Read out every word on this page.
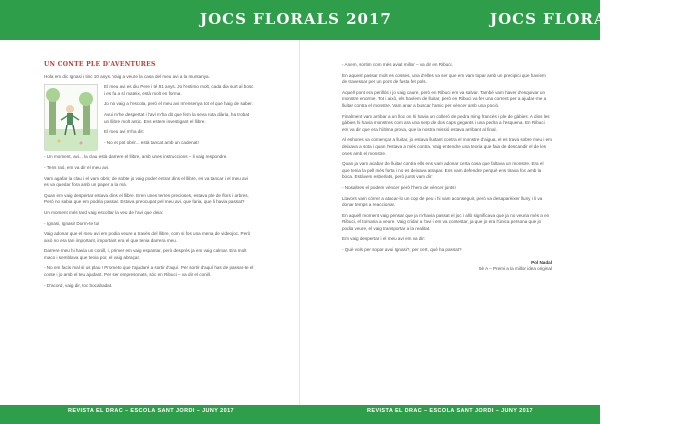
JOCS FLORALS 2017	JOCS FLORALS 2017
UN CONTE PLE D'AVENTURES
Hola em dic Ignasi i tinc 10 anys. Vaig a veure la casa del meu avi a la muntanya.
El meu avi es diu Pere i té 81 anys. Jo l'estimo molt, cada dia surt al bosc i es fa a sí mateix, està molt en forma.
Jo no vaig a l'escola, però el meu avi m'ensenya tot el que haig de saber.
Avui m'he despertat i l'avi m'ha dit que fem la seva ruta diària, ha trobat un llibre molt antic. Ens estem investigant el llibre.
El meu avi m'ha dit:
- No et pot obrir... està tancat amb un cadenat!
- Un moment, avi... la clau està darrere el llibre, amb unes instruccions – li vaig respondre.
- Tens raó, em va dir el meu avi.
Vam agafar la clau i el vam obrir, de sobte jo vaig poder entrar dins el llibre, es va tancar i el meu avi es va quedar fora amb un paper a la mà.
Quan em vaig despertar estava dins el llibre. Eren unes terres precioses, estava ple de flors i arbres. Però no sabia que em podria passar. Estava preocupat pel meu avi, que faria, que li havia passat?
Un moment més tard vaig escoltar la veu de l'avi que deia:
- Ignasi, Ignasi! Dorm-te tu!
Vaig adonar que el meu avi em podia veure a través del llibre, com si fos una mena de videojoc. Però això no era tan important, important era el que tenia darrera meu.
Darrere meu hi havia un conill, i, primer em vaig espantar, però després ja em vaig calmar. Era molt maco i semblava que tenia por, el vaig abraçar.
- No em facis mal si us plau ! Prometo que t'ajudaré a sortir d'aquí. Per sortir d'aquí has de passar-te el conte i jo amb el teu ajudant. Per ser empresonats, sóc en Ribuci – va dir el conill.
- D'acord, vaig dir, toc bocabadat.
- Anem, sortim com més aviat millor – va dir en Ribuci.
En aquest passar molt es cosses, una d'elles va ser que em vam topar amb un precipici que havíem de travessar per un pont de fusta fet pols.
Aquell pont era perillós i jo vaig caure, però en Ribuci em va salvar. També vam haver d'esquivar un monstre enorme. Tot i això, els havíem de lluitar, però en Ribuci va fer una corrent per a ajudar-me a lluitar contra el monstre. Vam anar a buscar l'amic per vèncer amb una poció.
Finalment vam arribar a un lloc on hi havia un colleró de pedra ming francès i ple de gàbies. A dins les gàbies hi havia monstres com ara una serp de dos caps gegants i una pedra a l'esquena. En Ribuci em va dir que era l'última prova, que la nostra missió estava arribant al final.
Al eshores va començar a lluitar, jo estava lluitant contra el monstre d'aigua, el es trava sobre meu i em deixava a sota i quan l'estava a més contra. Vaig entendre una teoria que faia de descandir el de les ones amb el monstre.
Quan ja vam acabar de lluitar contra ells ens vam adonar certa cosa que faltava un monstre. Era el que tenia la pell més forta i no es deixava atrapar. Ens vam defendre perquè ens tirava foc amb la boca. Estàvem esberlats, però junts vam dir:
- Nosaltres el podem vèncer però l'hem de vèncer junts!
Llavors vam córrer a atacar-lo un cop de peu i hi vam aconseguir, però va desaparèixer lluny i li va donar temps a reaccionar.
En aquell moment vaig pensar que ja m'havia passat el joc i allò significava que ja no veuria més a en Ribuci, el tornaria a veure. Vaig cridar a l'avi i em va contestar, ja que jo era l'única persona que jo podia veure, el vaig transportar a la realitat.
Em vaig despertar i el meu avi em va dir:
- Què vols per sopar avui Ignasi?, per cert, què ha passat?
Pol Nadal
5è A – Premi a la millor idea original
REVISTA EL DRAC – ESCOLA SANT JORDI – JUNY 2017	REVISTA EL DRAC – ESCOLA SANT JORDI – JUNY 2017
